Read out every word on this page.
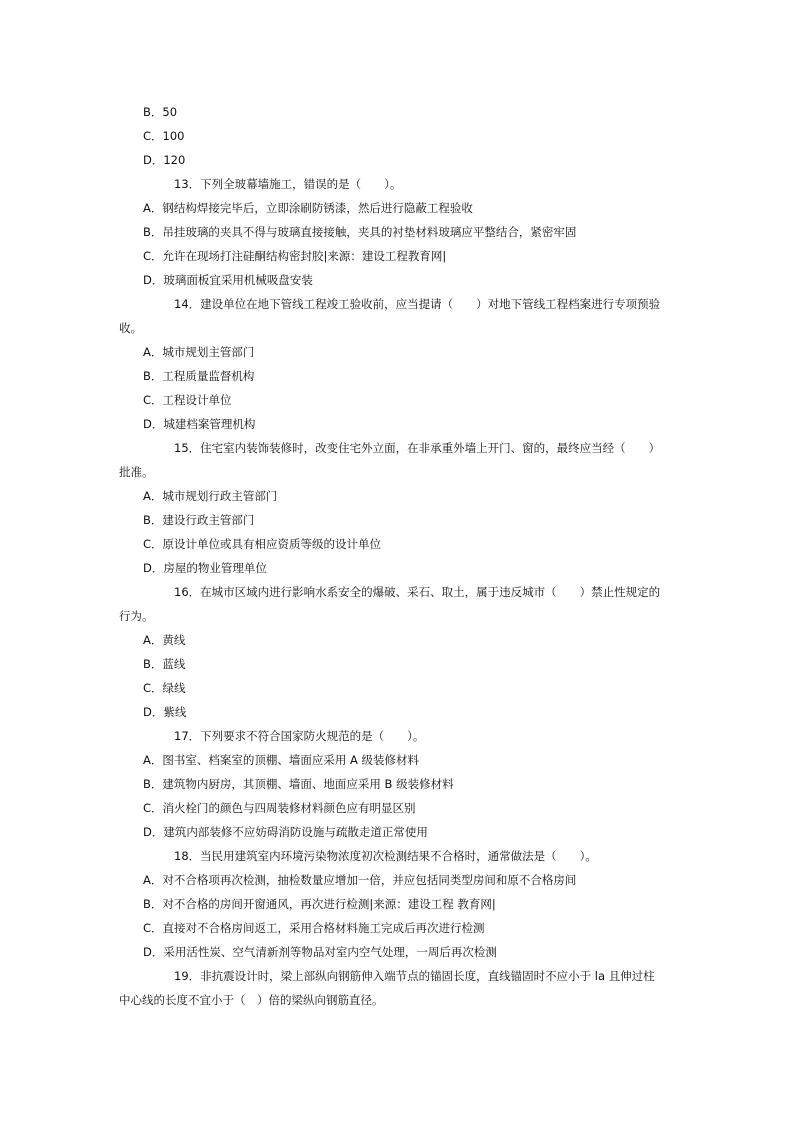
B．50
C．100
D．120
13．下列全玻幕墙施工，错误的是（　　）。
A．钢结构焊接完毕后，立即涂刷防锈漆，然后进行隐蔽工程验收
B．吊挂玻璃的夹具不得与玻璃直接接触，夹具的衬垫材料玻璃应平整结合，紧密牢固
C．允许在现场打注硅酮结构密封胶|来源：建设工程教育网|
D．玻璃面板宜采用机械吸盘安装
14．建设单位在地下管线工程竣工验收前，应当提请（　　）对地下管线工程档案进行专项预验
收。
A．城市规划主管部门
B．工程质量监督机构
C．工程设计单位
D．城建档案管理机构
15．住宅室内装饰装修时，改变住宅外立面，在非承重外墙上开门、窗的，最终应当经（　　）
批准。
A．城市规划行政主管部门
B．建设行政主管部门
C．原设计单位或具有相应资质等级的设计单位
D．房屋的物业管理单位
16．在城市区域内进行影响水系安全的爆破、采石、取土，属于违反城市（　　）禁止性规定的
行为。
A．黄线
B．蓝线
C．绿线
D．紫线
17．下列要求不符合国家防火规范的是（　　）。
A．图书室、档案室的顶棚、墙面应采用 A 级装修材料
B．建筑物内厨房，其顶棚、墙面、地面应采用 B 级装修材料
C．消火栓门的颜色与四周装修材料颜色应有明显区别
D．建筑内部装修不应妨碍消防设施与疏散走道正常使用
18．当民用建筑室内环境污染物浓度初次检测结果不合格时，通常做法是（　　）。
A．对不合格项再次检测，抽检数量应增加一倍，并应包括同类型房间和原不合格房间
B．对不合格的房间开窗通风，再次进行检测|来源：建设工程 教育网|
C．直接对不合格房间返工，采用合格材料施工完成后再次进行检测
D．采用活性炭、空气清新剂等物品对室内空气处理，一周后再次检测
19．非抗震设计时，梁上部纵向钢筋伸入端节点的锚固长度，直线锚固时不应小于 la 且伸过柱
中心线的长度不宜小于（　）倍的梁纵向钢筋直径。
